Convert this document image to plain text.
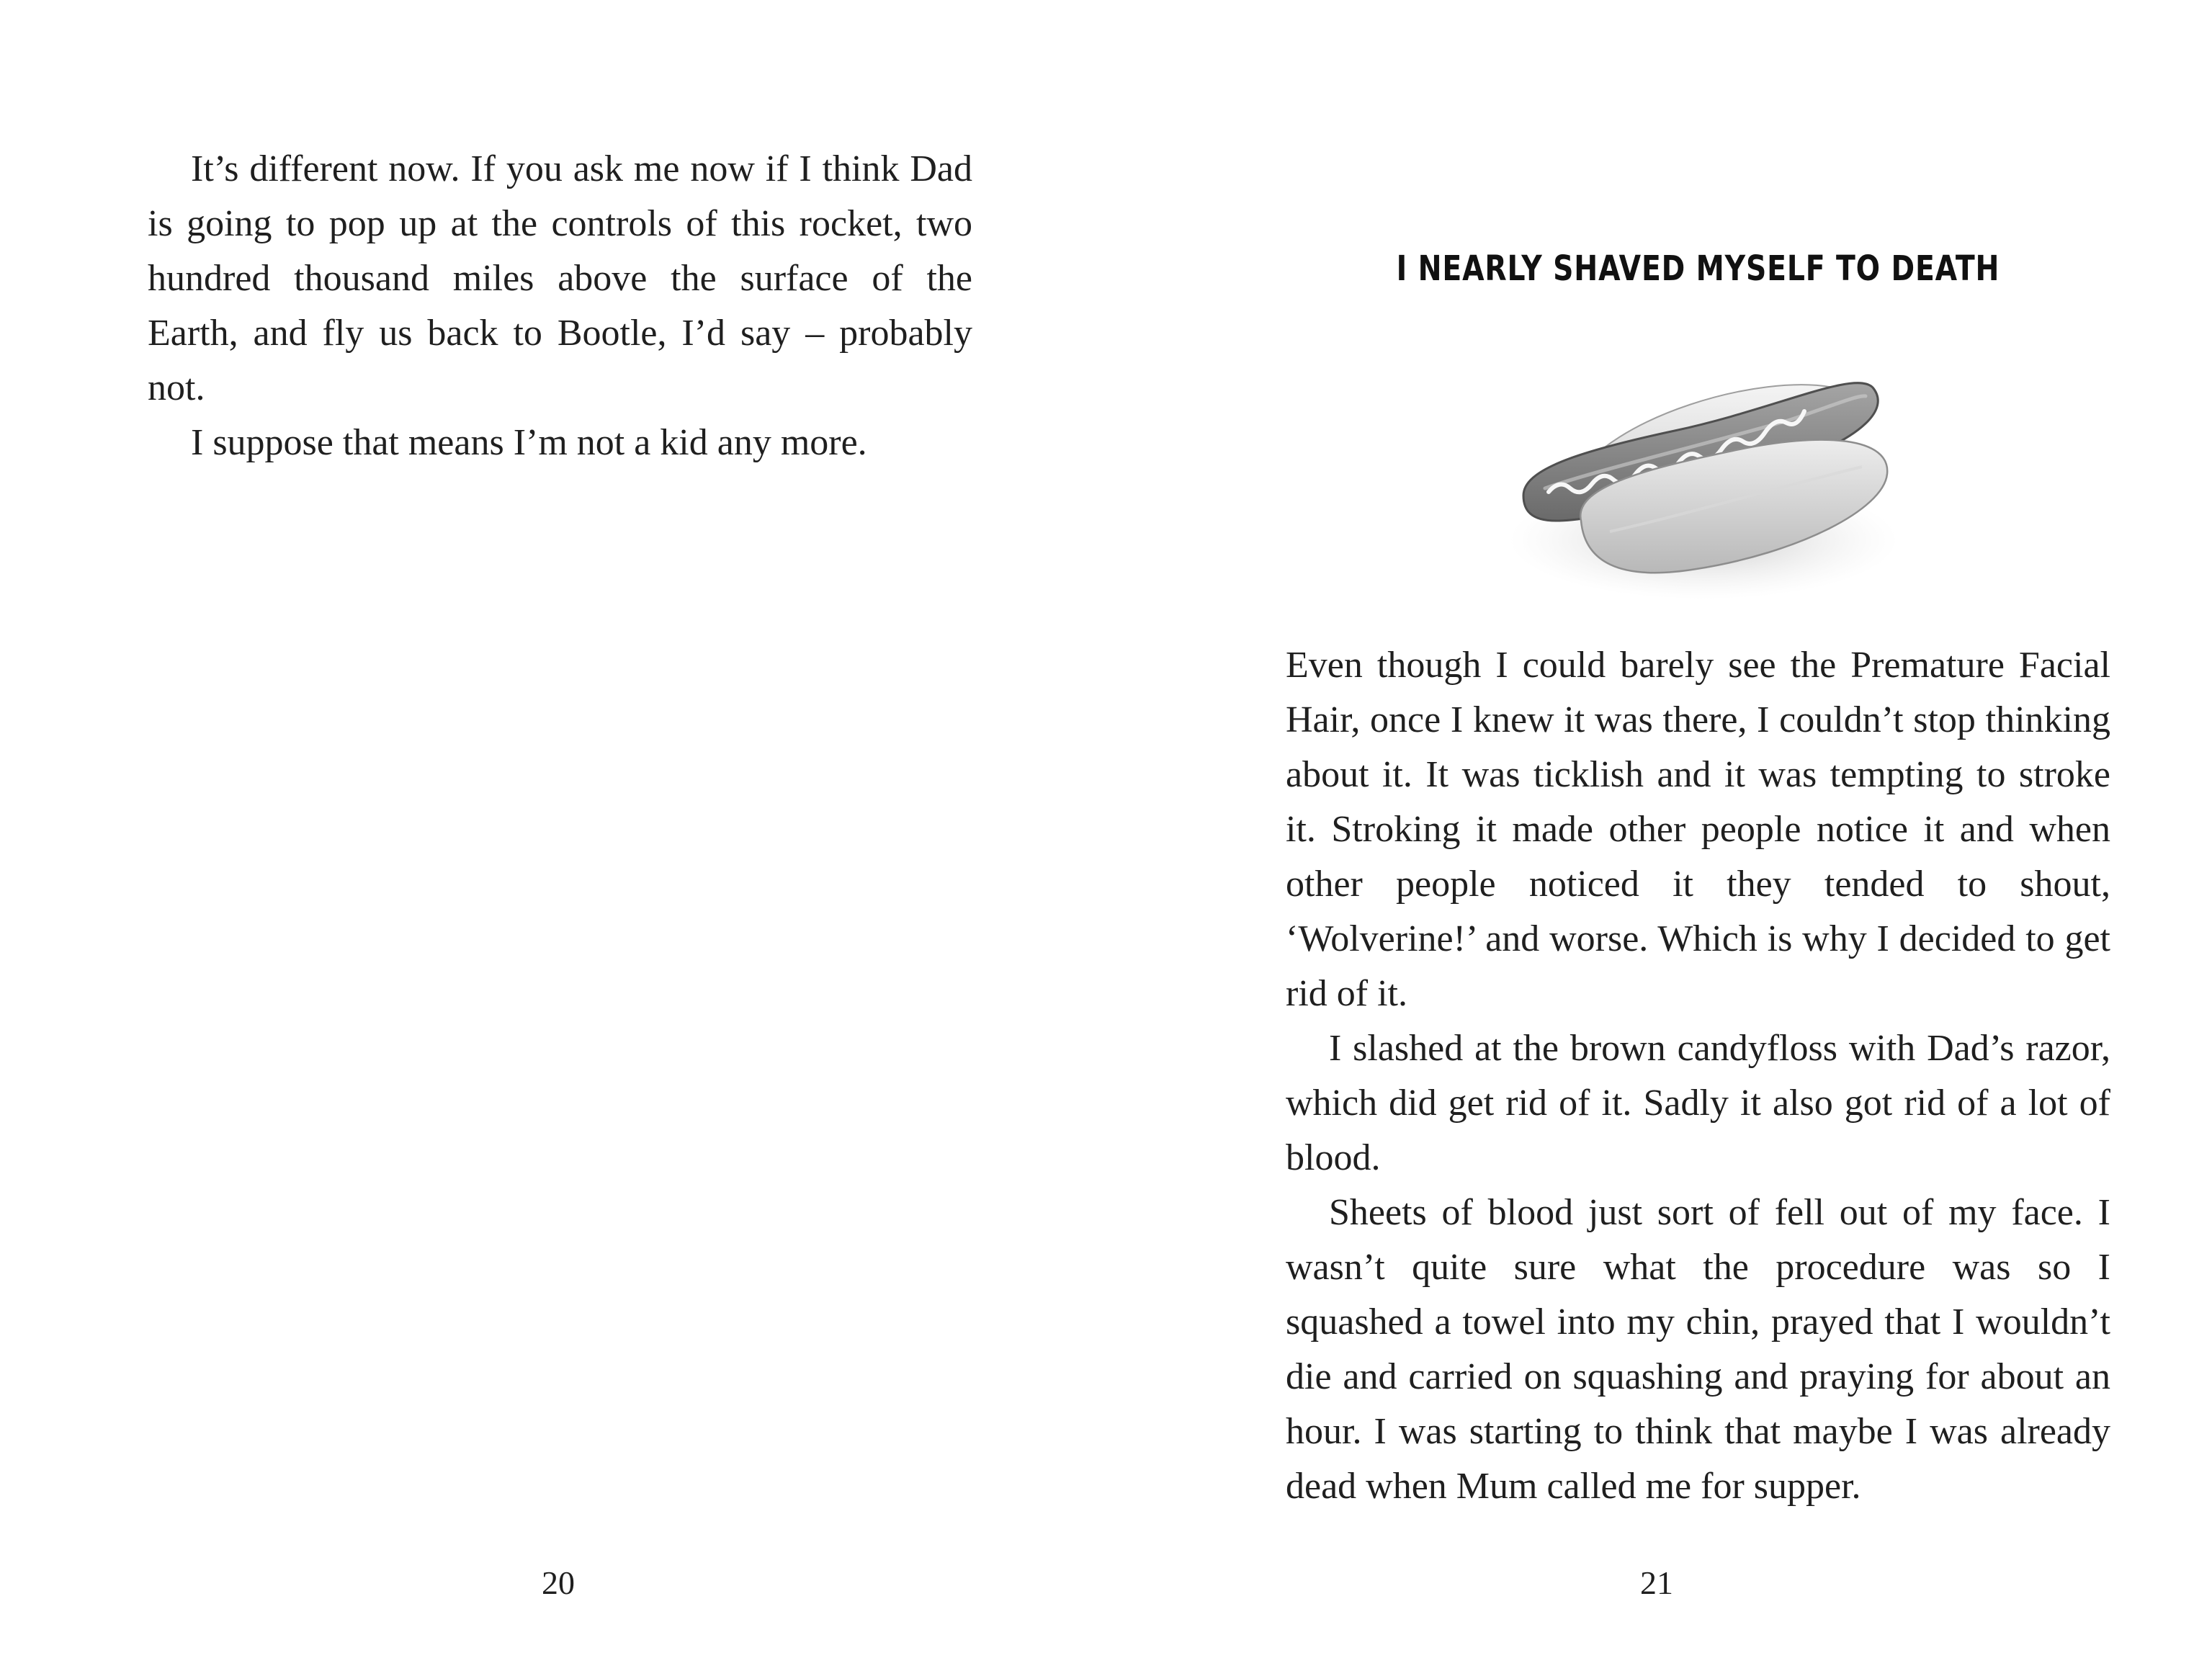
It’s different now. If you ask me now if I think Dad is going to pop up at the controls of this rocket, two hundred thousand miles above the surface of the Earth, and fly us back to Bootle, I’d say – probably not.

I suppose that means I’m not a kid any more.

20
I NEARLY SHAVED MYSELF TO DEATH

Even though I could barely see the Premature Facial Hair, once I knew it was there, I couldn’t stop thinking about it. It was ticklish and it was tempting to stroke it. Stroking it made other people notice it and when other people noticed it they tended to shout, ‘Wolverine!’ and worse. Which is why I decided to get rid of it.

I slashed at the brown candyfloss with Dad’s razor, which did get rid of it. Sadly it also got rid of a lot of blood.

Sheets of blood just sort of fell out of my face. I wasn’t quite sure what the procedure was so I squashed a towel into my chin, prayed that I wouldn’t die and carried on squashing and praying for about an hour. I was starting to think that maybe I was already dead when Mum called me for supper.

21
